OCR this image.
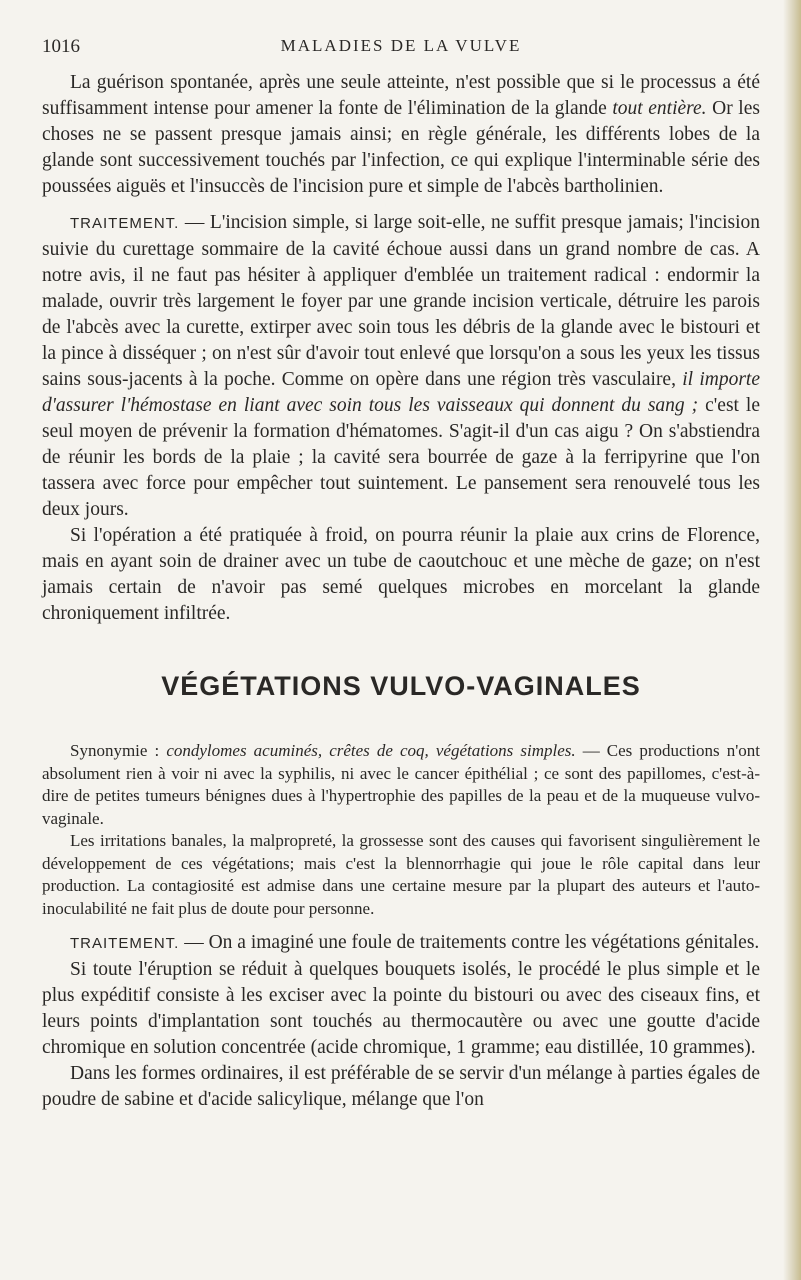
1016	MALADIES DE LA VULVE

La guérison spontanée, après une seule atteinte, n'est possible que si le processus a été suffisamment intense pour amener la fonte de l'élimination de la glande tout entière. Or les choses ne se passent presque jamais ainsi; en règle générale, les différents lobes de la glande sont successivement touchés par l'infection, ce qui explique l'interminable série des poussées aiguës et l'insuccès de l'incision pure et simple de l'abcès bartholinien.

TRAITEMENT. — L'incision simple, si large soit-elle, ne suffit presque jamais; l'incision suivie du curettage sommaire de la cavité échoue aussi dans un grand nombre de cas. A notre avis, il ne faut pas hésiter à appliquer d'emblée un traitement radical : endormir la malade, ouvrir très largement le foyer par une grande incision verticale, détruire les parois de l'abcès avec la curette, extirper avec soin tous les débris de la glande avec le bistouri et la pince à disséquer ; on n'est sûr d'avoir tout enlevé que lorsqu'on a sous les yeux les tissus sains sous-jacents à la poche. Comme on opère dans une région très vasculaire, il importe d'assurer l'hémostase en liant avec soin tous les vaisseaux qui donnent du sang ; c'est le seul moyen de prévenir la formation d'hématomes. S'agit-il d'un cas aigu ? On s'abstiendra de réunir les bords de la plaie ; la cavité sera bourrée de gaze à la ferripyrine que l'on tassera avec force pour empêcher tout suintement. Le pansement sera renouvelé tous les deux jours.

Si l'opération a été pratiquée à froid, on pourra réunir la plaie aux crins de Florence, mais en ayant soin de drainer avec un tube de caoutchouc et une mèche de gaze; on n'est jamais certain de n'avoir pas semé quelques microbes en morcelant la glande chroniquement infiltrée.

VÉGÉTATIONS VULVO-VAGINALES

Synonymie : condylomes acuminés, crêtes de coq, végétations simples. — Ces productions n'ont absolument rien à voir ni avec la syphilis, ni avec le cancer épithélial ; ce sont des papillomes, c'est-à-dire de petites tumeurs bénignes dues à l'hypertrophie des papilles de la peau et de la muqueuse vulvo-vaginale.

Les irritations banales, la malpropreté, la grossesse sont des causes qui favorisent singulièrement le développement de ces végétations; mais c'est la blennorrhagie qui joue le rôle capital dans leur production. La contagiosité est admise dans une certaine mesure par la plupart des auteurs et l'auto-inoculabilité ne fait plus de doute pour personne.

TRAITEMENT. — On a imaginé une foule de traitements contre les végétations génitales.

Si toute l'éruption se réduit à quelques bouquets isolés, le procédé le plus simple et le plus expéditif consiste à les exciser avec la pointe du bistouri ou avec des ciseaux fins, et leurs points d'implantation sont touchés au thermocautère ou avec une goutte d'acide chromique en solution concentrée (acide chromique, 1 gramme; eau distillée, 10 grammes).

Dans les formes ordinaires, il est préférable de se servir d'un mélange à parties égales de poudre de sabine et d'acide salicylique, mélange que l'on
